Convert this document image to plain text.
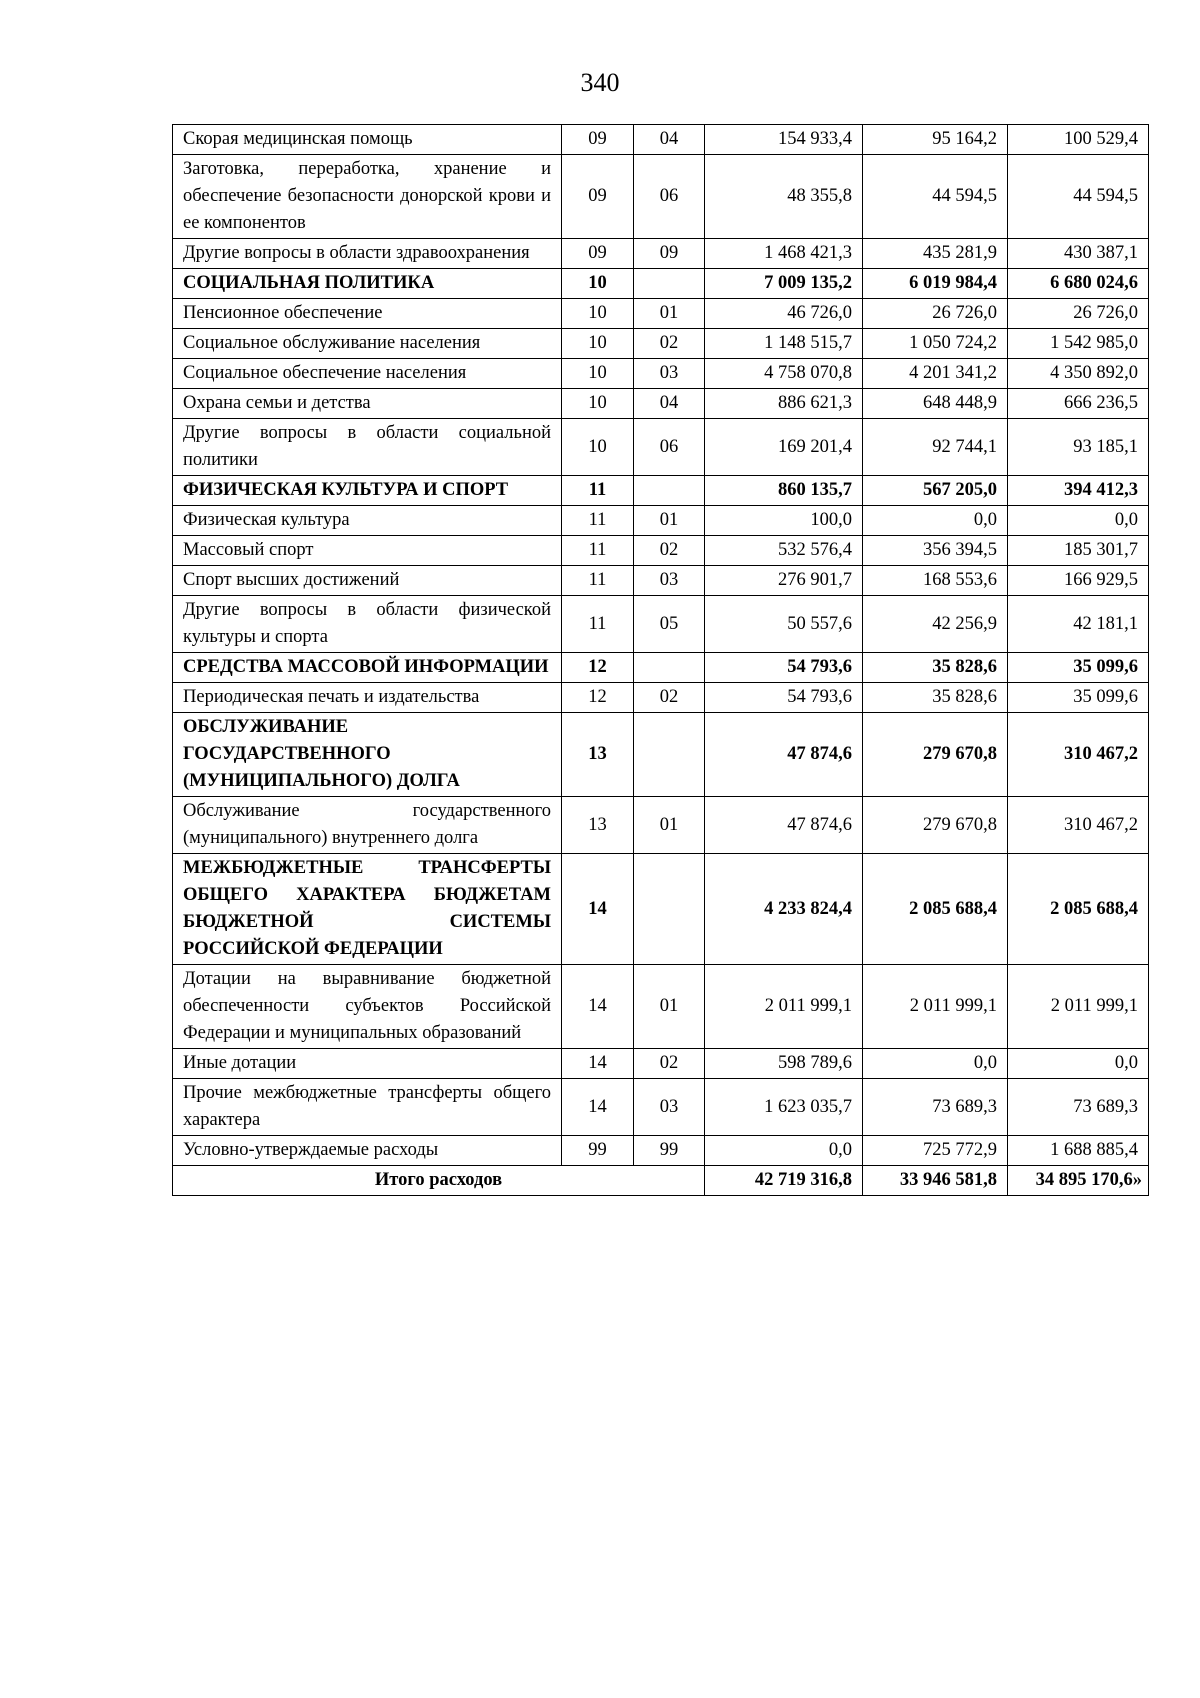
340
Скорая медицинская помощь	09	04	154 933,4	95 164,2	100 529,4
Заготовка, переработка, хранение и обеспечение безопасности донорской крови и ее компонентов	09	06	48 355,8	44 594,5	44 594,5
Другие вопросы в области здравоохранения	09	09	1 468 421,3	435 281,9	430 387,1
СОЦИАЛЬНАЯ ПОЛИТИКА	10		7 009 135,2	6 019 984,4	6 680 024,6
Пенсионное обеспечение	10	01	46 726,0	26 726,0	26 726,0
Социальное обслуживание населения	10	02	1 148 515,7	1 050 724,2	1 542 985,0
Социальное обеспечение населения	10	03	4 758 070,8	4 201 341,2	4 350 892,0
Охрана семьи и детства	10	04	886 621,3	648 448,9	666 236,5
Другие вопросы в области социальной политики	10	06	169 201,4	92 744,1	93 185,1
ФИЗИЧЕСКАЯ КУЛЬТУРА И СПОРТ	11		860 135,7	567 205,0	394 412,3
Физическая культура	11	01	100,0	0,0	0,0
Массовый спорт	11	02	532 576,4	356 394,5	185 301,7
Спорт высших достижений	11	03	276 901,7	168 553,6	166 929,5
Другие вопросы в области физической культуры и спорта	11	05	50 557,6	42 256,9	42 181,1
СРЕДСТВА МАССОВОЙ ИНФОРМАЦИИ	12		54 793,6	35 828,6	35 099,6
Периодическая печать и издательства	12	02	54 793,6	35 828,6	35 099,6
ОБСЛУЖИВАНИЕ ГОСУДАРСТВЕННОГО (МУНИЦИПАЛЬНОГО) ДОЛГА	13		47 874,6	279 670,8	310 467,2
Обслуживание государственного (муниципального) внутреннего долга	13	01	47 874,6	279 670,8	310 467,2
МЕЖБЮДЖЕТНЫЕ ТРАНСФЕРТЫ ОБЩЕГО ХАРАКТЕРА БЮДЖЕТАМ БЮДЖЕТНОЙ СИСТЕМЫ РОССИЙСКОЙ ФЕДЕРАЦИИ	14		4 233 824,4	2 085 688,4	2 085 688,4
Дотации на выравнивание бюджетной обеспеченности субъектов Российской Федерации и муниципальных образований	14	01	2 011 999,1	2 011 999,1	2 011 999,1
Иные дотации	14	02	598 789,6	0,0	0,0
Прочие межбюджетные трансферты общего характера	14	03	1 623 035,7	73 689,3	73 689,3
Условно-утверждаемые расходы	99	99	0,0	725 772,9	1 688 885,4
Итого расходов			42 719 316,8	33 946 581,8	34 895 170,6»
